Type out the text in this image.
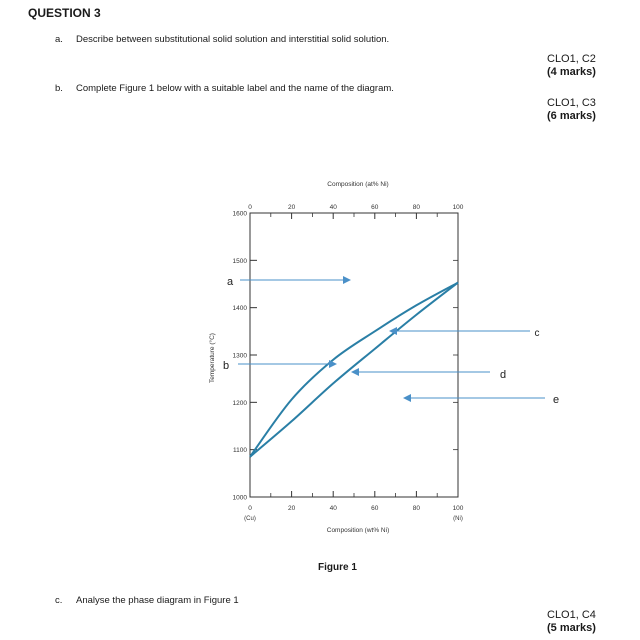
QUESTION 3
a. Describe between substitutional solid solution and interstitial solid solution.
CLO1, C2
(4 marks)
b. Complete Figure 1 below with a suitable label and the name of the diagram.
CLO1, C3
(6 marks)
0
0
20
20
40
40
60
60
80
80
100
100
1000
1100
1200
1300
1400
1500
1600
Composition (at% Ni)
Composition (wt% Ni)
Temperature (°C)
(Cu)	(Ni)
a
b
c
d
e
Figure 1
c. Analyse the phase diagram in Figure 1
CLO1, C4
(5 marks)
